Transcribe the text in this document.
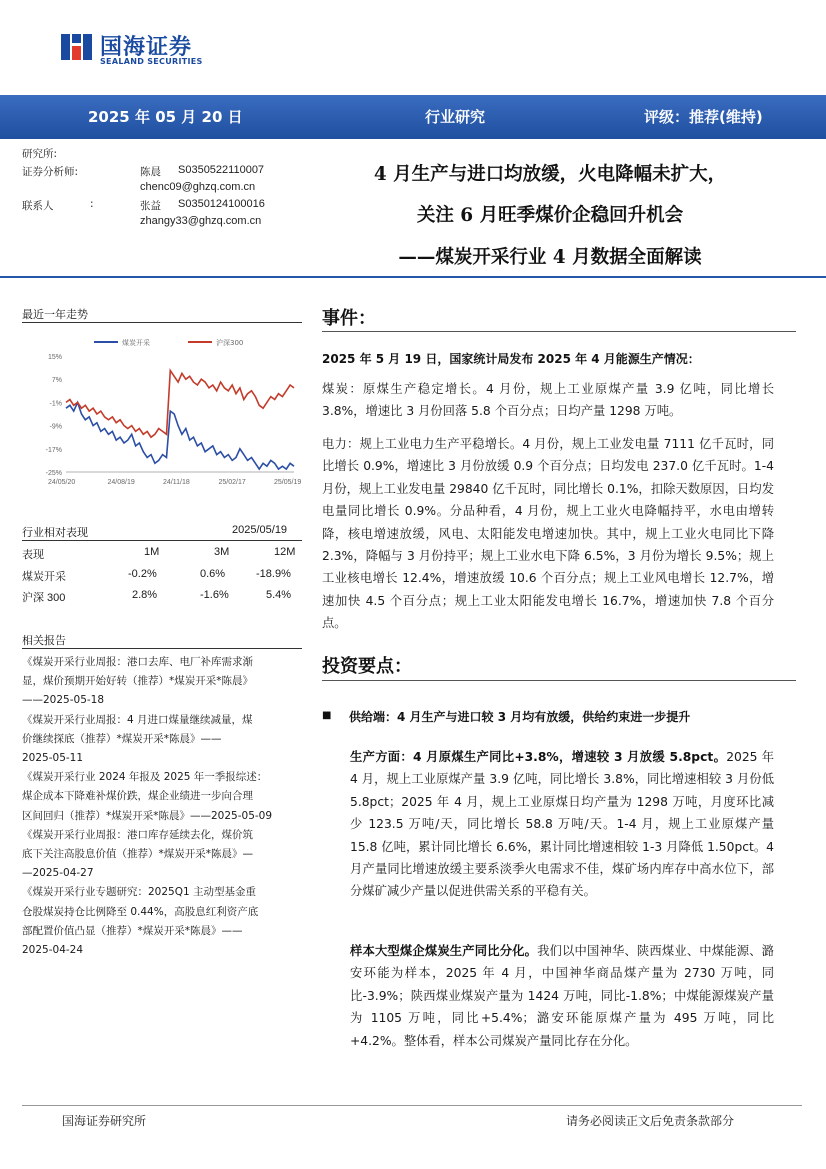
国海证券
SEALAND SECURITIES
2025 年 05 月 20 日	行业研究	评级：推荐(维持)
研究所:
证券分析师:	陈晨 S0350522110007
chenc09@ghzq.com.cn
联系人	:	张益 S0350124100016
zhangy33@ghzq.com.cn
4 月生产与进口均放缓，火电降幅未扩大，
关注 6 月旺季煤价企稳回升机会
——煤炭开采行业 4 月数据全面解读
最近一年走势
煤炭开采	沪深300
15%
7%
-1%
-9%
-17%
-25%
24/05/20	24/08/19	24/11/18	25/02/17	25/05/19
行业相对表现	2025/05/19
表现	1M	3M	12M
煤炭开采	-0.2%	0.6%	-18.9%
沪深 300	2.8%	-1.6%	5.4%
相关报告
《煤炭开采行业周报：港口去库、电厂补库需求渐
显，煤价预期开始好转（推荐）*煤炭开采*陈晨》
——2025-05-18
《煤炭开采行业周报：4 月进口煤量继续减量，煤
价继续探底（推荐）*煤炭开采*陈晨》——
2025-05-11
《煤炭开采行业 2024 年报及 2025 年一季报综述：
煤企成本下降难补煤价跌，煤企业绩进一步向合理
区间回归（推荐）*煤炭开采*陈晨》——2025-05-09
《煤炭开采行业周报：港口库存延续去化，煤价筑
底下关注高股息价值（推荐）*煤炭开采*陈晨》—
—2025-04-27
《煤炭开采行业专题研究：2025Q1 主动型基金重
仓股煤炭持仓比例降至 0.44%，高股息红利资产底
部配置价值凸显（推荐）*煤炭开采*陈晨》——
2025-04-24
事件：
2025 年 5 月 19 日，国家统计局发布 2025 年 4 月能源生产情况：
煤炭：原煤生产稳定增长。4 月份，规上工业原煤产量 3.9 亿吨，同比增长 3.8%，增速比 3 月份回落 5.8 个百分点；日均产量 1298 万吨。
电力：规上工业电力生产平稳增长。4 月份，规上工业发电量 7111 亿千瓦时，同比增长 0.9%，增速比 3 月份放缓 0.9 个百分点；日均发电 237.0 亿千瓦时。1-4 月份，规上工业发电量 29840 亿千瓦时，同比增长 0.1%，扣除天数原因，日均发电量同比增长 0.9%。分品种看，4 月份，规上工业火电降幅持平，水电由增转降，核电增速放缓，风电、太阳能发电增速加快。其中，规上工业火电同比下降 2.3%，降幅与 3 月份持平；规上工业水电下降 6.5%，3 月份为增长 9.5%；规上工业核电增长 12.4%，增速放缓 10.6 个百分点；规上工业风电增长 12.7%，增速加快 4.5 个百分点；规上工业太阳能发电增长 16.7%，增速加快 7.8 个百分点。
投资要点：
■ 供给端：4 月生产与进口较 3 月均有放缓，供给约束进一步提升
生产方面：4 月原煤生产同比+3.8%，增速较 3 月放缓 5.8pct。2025 年 4 月，规上工业原煤产量 3.9 亿吨，同比增长 3.8%，同比增速相较 3 月份低 5.8pct；2025 年 4 月，规上工业原煤日均产量为 1298 万吨，月度环比减少 123.5 万吨/天，同比增长 58.8 万吨/天。1-4 月，规上工业原煤产量 15.8 亿吨，累计同比增长 6.6%，累计同比增速相较 1-3 月降低 1.50pct。4 月产量同比增速放缓主要系淡季火电需求不佳，煤矿场内库存中高水位下，部分煤矿减少产量以促进供需关系的平稳有关。
样本大型煤企煤炭生产同比分化。我们以中国神华、陕西煤业、中煤能源、潞安环能为样本，2025 年 4 月，中国神华商品煤产量为 2730 万吨，同比-3.9%；陕西煤业煤炭产量为 1424 万吨，同比-1.8%；中煤能源煤炭产量为 1105 万吨，同比+5.4%；潞安环能原煤产量为 495 万吨，同比+4.2%。整体看，样本公司煤炭产量同比存在分化。
国海证券研究所	请务必阅读正文后免责条款部分
